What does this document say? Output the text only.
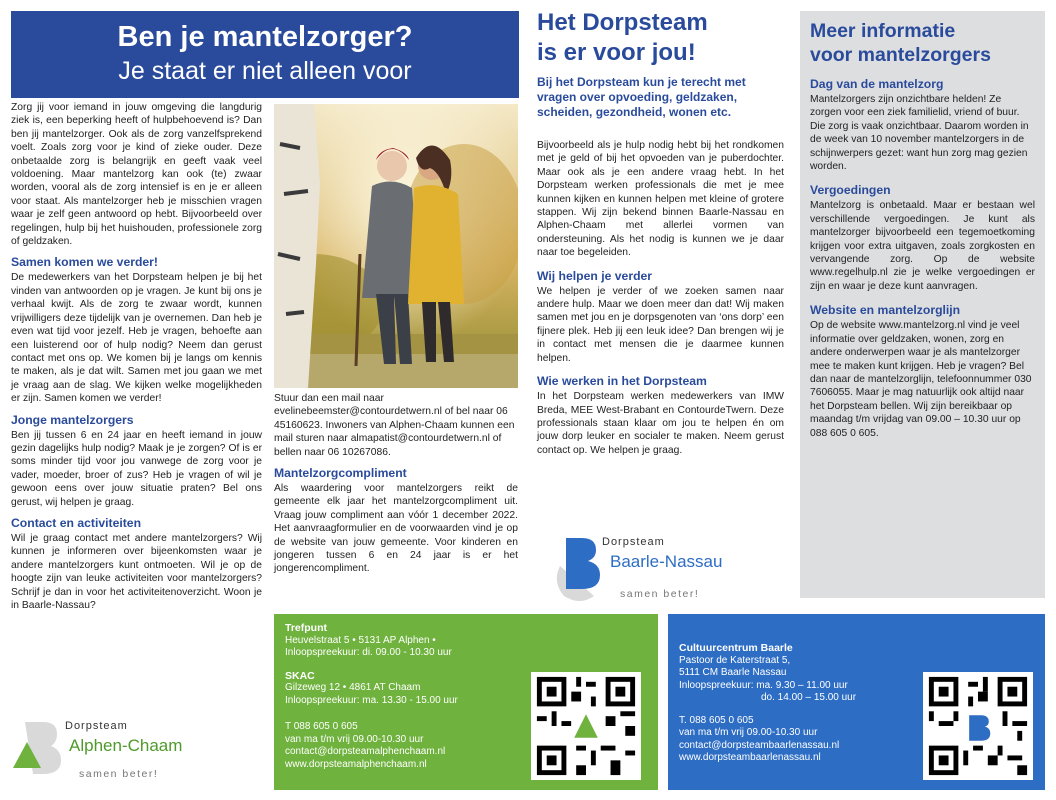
Ben je mantelzorger?
Je staat er niet alleen voor

Zorg jij voor iemand in jouw omgeving die langdurig ziek is, een beperking heeft of hulpbehoevend is? Dan ben jij mantelzorger. Ook als de zorg vanzelfsprekend voelt. Zoals zorg voor je kind of zieke ouder. Deze onbetaalde zorg is belangrijk en geeft vaak veel voldoening. Maar mantelzorg kan ook (te) zwaar worden, vooral als de zorg intensief is en je er alleen voor staat. Als mantelzorger heb je misschien vragen waar je zelf geen antwoord op hebt. Bijvoorbeeld over regelingen, hulp bij het huishouden, professionele zorg of geldzaken.

Samen komen we verder!

De medewerkers van het Dorpsteam helpen je bij het vinden van antwoorden op je vragen. Je kunt bij ons je verhaal kwijt. Als de zorg te zwaar wordt, kunnen vrijwilligers deze tijdelijk van je overnemen. Dan heb je even wat tijd voor jezelf. Heb je vragen, behoefte aan een luisterend oor of hulp nodig? Neem dan gerust contact met ons op. We komen bij je langs om kennis te maken, als je dat wilt. Samen met jou gaan we met je vraag aan de slag. We kijken welke mogelijkheden er zijn. Samen komen we verder!

Jonge mantelzorgers

Ben jij tussen 6 en 24 jaar en heeft iemand in jouw gezin dagelijks hulp nodig? Maak je je zorgen? Of is er soms minder tijd voor jou vanwege de zorg voor je vader, moeder, broer of zus? Heb je vragen of wil je gewoon eens over jouw situatie praten? Bel ons gerust, wij helpen je graag.

Contact en activiteiten

Wil je graag contact met andere mantelzorgers? Wij kunnen je informeren over bijeenkomsten waar je andere mantelzorgers kunt ontmoeten. Wil je op de hoogte zijn van leuke activiteiten voor mantelzorgers? Schrijf je dan in voor het activiteitenoverzicht. Woon je in Baarle-Nassau?

Stuur dan een mail naar evelinebeemster@contourdetwern.nl of bel naar 06 45160623. Inwoners van Alphen-Chaam kunnen een mail sturen naar almapatist@contourdetwern.nl of bellen naar 06 10267086.

Mantelzorgcompliment

Als waardering voor mantelzorgers reikt de gemeente elk jaar het mantelzorgcompliment uit. Vraag jouw compliment aan vóór 1 december 2022. Het aanvraagformulier en de voorwaarden vind je op de website van jouw gemeente. Voor kinderen en jongeren tussen 6 en 24 jaar is er het jongerencompliment.

Het Dorpsteam
is er voor jou!
Bij het Dorpsteam kun je terecht met vragen over opvoeding, geldzaken, scheiden, gezondheid, wonen etc.

Bijvoorbeeld als je hulp nodig hebt bij het rondkomen met je geld of bij het opvoeden van je puberdochter. Maar ook als je een andere vraag hebt. In het Dorpsteam werken professionals die met je mee kunnen kijken en kunnen helpen met kleine of grotere stappen. Wij zijn bekend binnen Baarle-Nassau en Alphen-Chaam met allerlei vormen van ondersteuning. Als het nodig is kunnen we je daar naar toe begeleiden.

Wij helpen je verder

We helpen je verder of we zoeken samen naar andere hulp. Maar we doen meer dan dat! Wij maken samen met jou en je dorpsgenoten van ‘ons dorp’ een fijnere plek. Heb jij een leuk idee? Dan brengen wij je in contact met mensen die je daarmee kunnen helpen.

Wie werken in het Dorpsteam

In het Dorpsteam werken medewerkers van IMW Breda, MEE West-Brabant en ContourdeTwern. Deze professionals staan klaar om jou te helpen én om jouw dorp leuker en socialer te maken. Neem gerust contact op. We helpen je graag.

Dorpsteam
Baarle-Nassau
samen beter!
Meer informatie
voor mantelzorgers
Dag van de mantelzorg

Mantelzorgers zijn onzichtbare helden! Ze zorgen voor een ziek familielid, vriend of buur. Die zorg is vaak onzichtbaar. Daarom worden in de week van 10 november mantelzorgers in de schijnwerpers gezet: want hun zorg mag gezien worden.

Vergoedingen

Mantelzorg is onbetaald. Maar er bestaan wel verschillende vergoedingen. Je kunt als mantelzorger bijvoorbeeld een tegemoetkoming krijgen voor extra uitgaven, zoals zorgkosten en vervangende zorg. Op de website www.regelhulp.nl zie je welke vergoedingen er zijn en waar je deze kunt aanvragen.

Website en mantelzorglijn

Op de website www.mantelzorg.nl vind je veel informatie over geldzaken, wonen, zorg en andere onderwerpen waar je als mantelzorger mee te maken kunt krijgen. Heb je vragen? Bel dan naar de mantelzorglijn, telefoonnummer 030 7606055. Maar je mag natuurlijk ook altijd naar het Dorpsteam bellen. Wij zijn bereikbaar op maandag t/m vrijdag van 09.00 – 10.30 uur op 088 605 0 605.

Dorpsteam
Alphen-Chaam
samen beter!
Trefpunt
Heuvelstraat 5 • 5131 AP Alphen •
Inloopspreekuur: di. 09.00 - 10.30 uur
SKAC
Gilzeweg 12 • 4861 AT Chaam
Inloopspreekuur: ma. 13.30 - 15.00 uur
T 088 605 0 605
van ma t/m vrij 09.00-10.30 uur
contact@dorpsteamalphenchaam.nl
www.dorpsteamalphenchaam.nl
Cultuurcentrum Baarle
Pastoor de Katerstraat 5,
5111 CM Baarle Nassau
Inloopspreekuur: ma. 9.30 – 11.00 uur
do. 14.00 – 15.00 uur
T. 088 605 0 605
van ma t/m vrij 09.00-10.30 uur
contact@dorpsteambaarlenassau.nl
www.dorpsteambaarlenassau.nl
